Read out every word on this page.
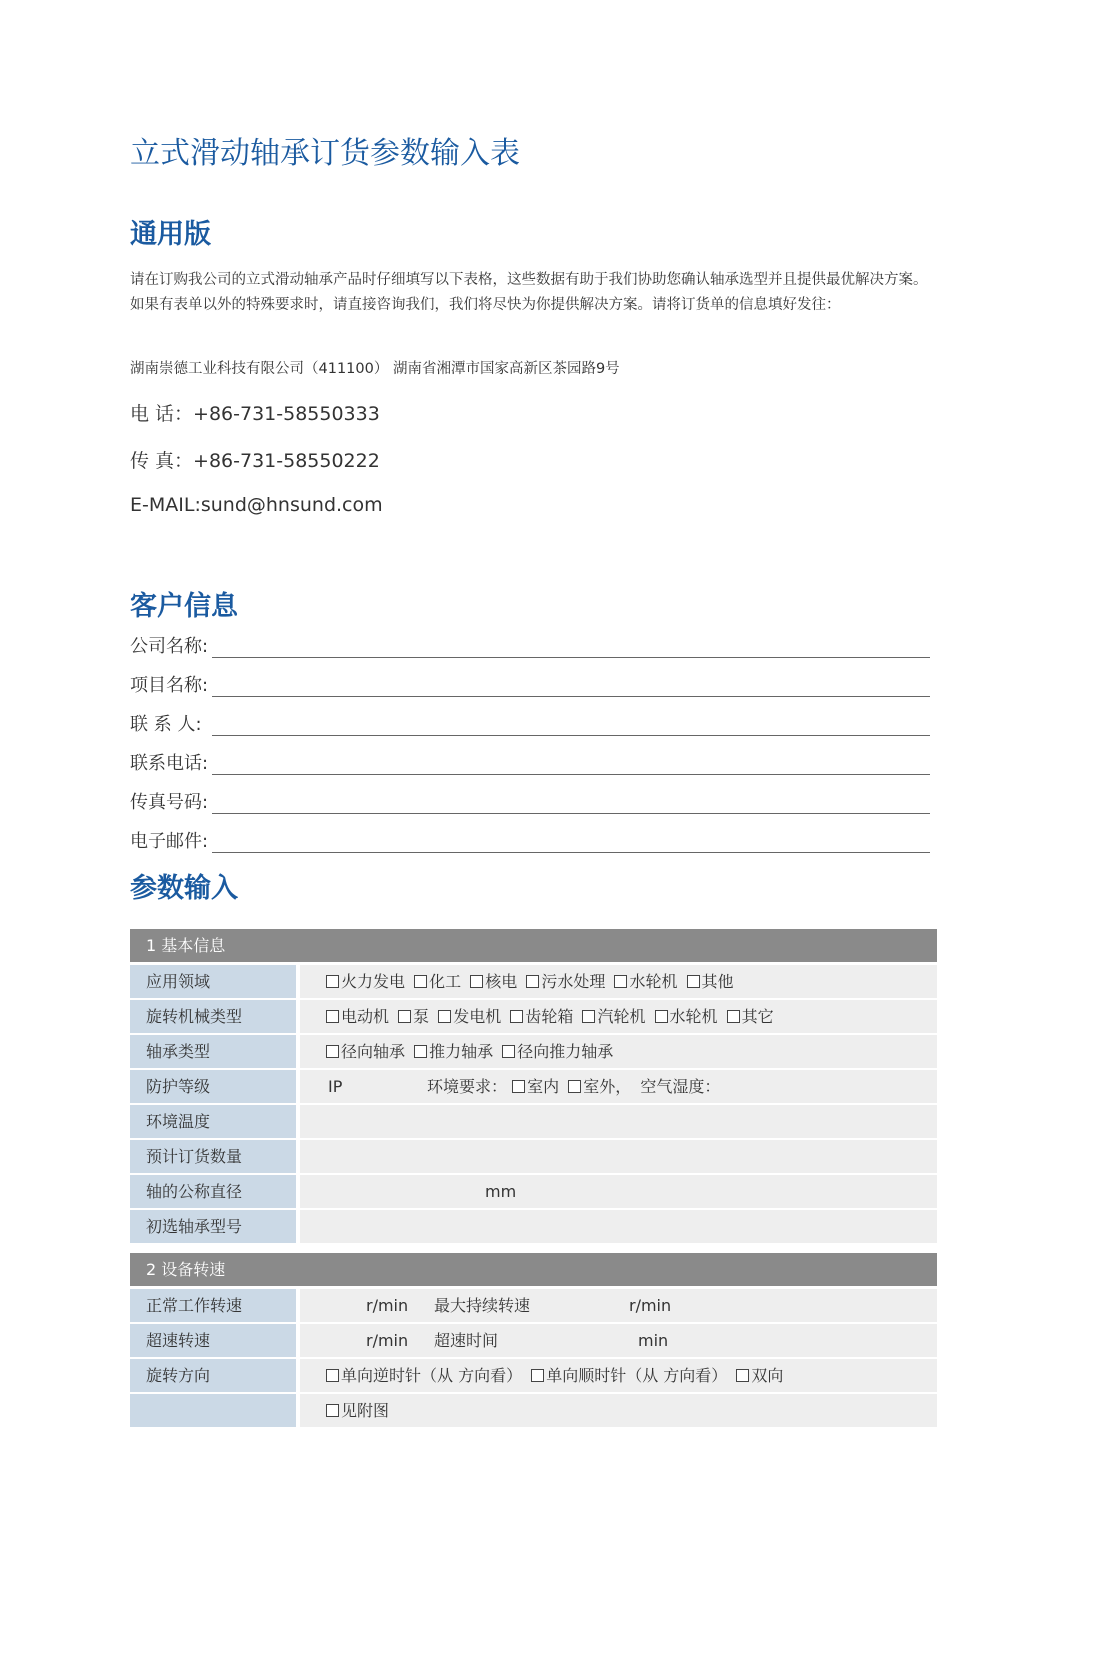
立式滑动轴承订货参数输入表
通用版
请在订购我公司的立式滑动轴承产品时仔细填写以下表格，这些数据有助于我们协助您确认轴承选型并且提供最优解决方案。如果有表单以外的特殊要求时，请直接咨询我们，我们将尽快为你提供解决方案。请将订货单的信息填好发往：
湖南崇德工业科技有限公司（411100） 湖南省湘潭市国家高新区茶园路9号
电 话：+86-731-58550333
传 真：+86-731-58550222
E-MAIL:sund@hnsund.com
客户信息
公司名称:
项目名称:
联 系 人:
联系电话:
传真号码:
电子邮件:
参数输入
1 基本信息
应用领域	火力发电 化工 核电 污水处理 水轮机 其他
旋转机械类型	电动机 泵 发电机 齿轮箱 汽轮机 水轮机 其它
轴承类型	径向轴承 推力轴承 径向推力轴承
防护等级	IP	环境要求： 室内 室外， 空气湿度：
环境温度
预计订货数量
轴的公称直径	mm
初选轴承型号
2 设备转速
正常工作转速	r/min 最大持续转速	r/min
超速转速	r/min 超速时间	min
旋转方向	单向逆时针（从 方向看） 单向顺时针（从 方向看） 双向
见附图
